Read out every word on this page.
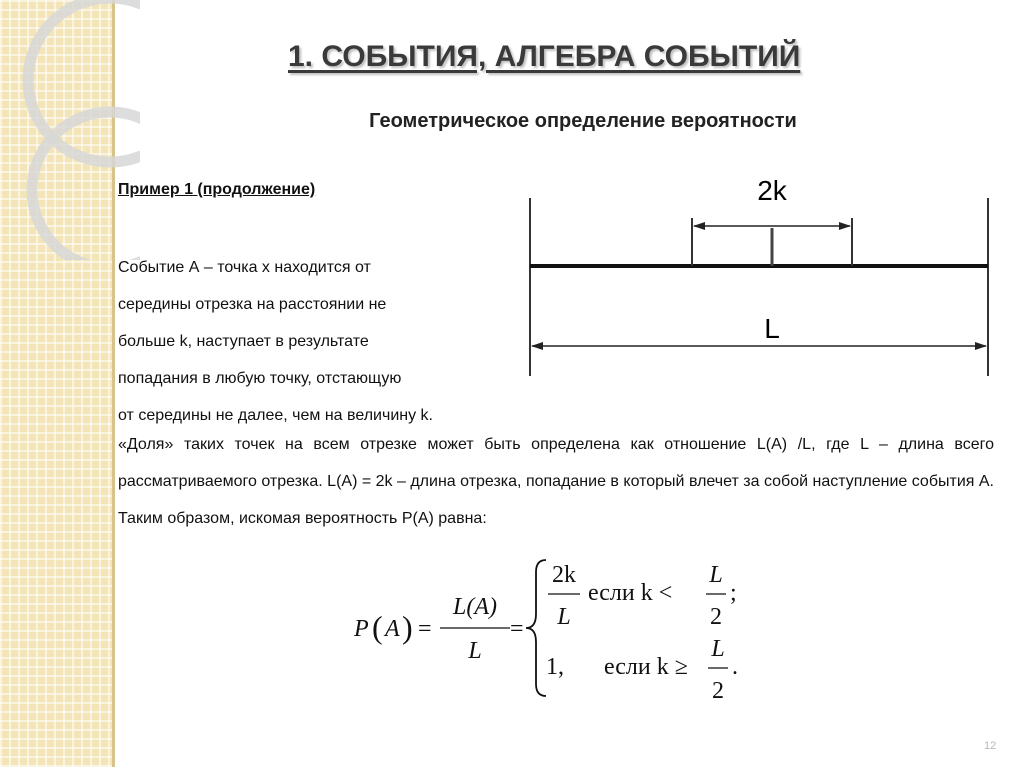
1. СОБЫТИЯ, АЛГЕБРА СОБЫТИЙ
Геометрическое определение вероятности
Пример 1 (продолжение)
Событие А – точка x находится от
середины отрезка на расстоянии не
больше k, наступает в результате
попадания в любую точку, отстающую
от середины не далее, чем на величину k.
2k
L
«Доля» таких точек на всем отрезке может быть определена как отношение L(A) /L, где L – длина всего рассматриваемого отрезка. L(A) = 2k – длина отрезка, попадание в который влечет за собой наступление события А. Таким образом, искомая вероятность P(A) равна:
P ( A ) =
L(A)
L
=
2k
L
если k <
L
2
;
1, если k ≥
L
2
.
12
